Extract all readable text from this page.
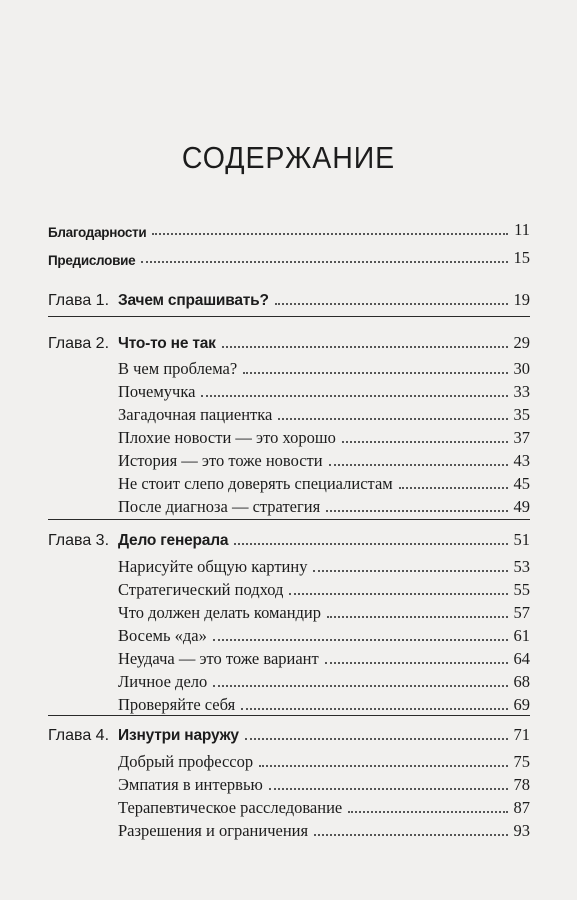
СОДЕРЖАНИЕ
Благодарности	11
Предисловие	15
Глава 1. Зачем спрашивать?	19
Глава 2. Что-то не так	29
В чем проблема?	30
Почемучка	33
Загадочная пациентка	35
Плохие новости — это хорошо	37
История — это тоже новости	43
Не стоит слепо доверять специалистам	45
После диагноза — стратегия	49
Глава 3. Дело генерала	51
Нарисуйте общую картину	53
Стратегический подход	55
Что должен делать командир	57
Восемь «да»	61
Неудача — это тоже вариант	64
Личное дело	68
Проверяйте себя	69
Глава 4. Изнутри наружу	71
Добрый профессор	75
Эмпатия в интервью	78
Терапевтическое расследование	87
Разрешения и ограничения	93
